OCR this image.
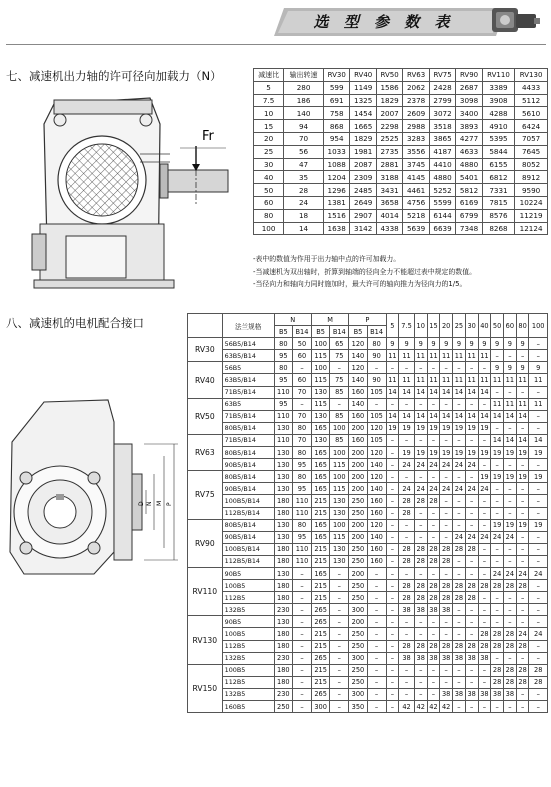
选 型 参 数 表
七、减速机出力轴的许可径向加载力（N）
Fr
减速比	输出转速	RV30	RV40	RV50	RV63	RV75	RV90	RV110	RV130
5	280	599	1149	1586	2062	2428	2687	3389	4433
7.5	186	691	1325	1829	2378	2799	3098	3908	5112
10	140	758	1454	2007	2609	3072	3400	4288	5610
15	94	868	1665	2298	2988	3518	3893	4910	6424
20	70	954	1829	2525	3283	3865	4277	5395	7057
25	56	1033	1981	2735	3556	4187	4633	5844	7645
30	47	1088	2087	2881	3745	4410	4880	6155	8052
40	35	1204	2309	3188	4145	4880	5401	6812	8912
50	28	1296	2485	3431	4461	5252	5812	7331	9590
60	24	1381	2649	3658	4756	5599	6169	7815	10224
80	18	1516	2907	4014	5218	6144	6799	8576	11219
100	14	1638	3142	4338	5639	6639	7348	8268	12124
-表中的数值为作用于出力轴中点的许可加载力。
-当减速机为双出轴时，折算到轴端的径向全力不能超过表中规定的数值。
-当径向力和轴向力同时施加时，最大许可的轴向推力为径向力的1/5。
八、减速机的电机配合接口
D N M P
	法兰规格	N		M		P		5	7.5	10	15	20	25	30	40	50	60	80	100
		B5	B14	B5	B14	B5	B14												
RV30	56B5/B14	80	50	100	65	120	80	9	9	9	9	9	9	9	9	9	9	9	–
	63B5/B14	95	60	115	75	140	90	11	11	11	11	11	11	11	11	–	–	–	–
RV40	56B5	80	–	100	–	120	–	–	–	–	–	–	–	–	–	9	9	9	9
	63B5/B14	95	60	115	75	140	90	11	11	11	11	11	11	11	11	11	11	11	11
	71B5/B14	110	70	130	85	160	105	14	14	14	14	14	14	14	14	–	–	–	–
RV50	63B5	95	–	115	–	140	–	–	–	–	–	–	–	–	–	11	11	11	11
	71B5/B14	110	70	130	85	160	105	14	14	14	14	14	14	14	14	14	14	14	–
	80B5/B14	130	80	165	100	200	120	19	19	19	19	19	19	19	19	–	–	–	–
RV63	71B5/B14	110	70	130	85	160	105	–	–	–	–	–	–	–	–	14	14	14	14
	80B5/B14	130	80	165	100	200	120	–	19	19	19	19	19	19	19	19	19	19	19
	90B5/B14	130	95	165	115	200	140	–	24	24	24	24	24	24	–	–	–	–	–
RV75	80B5/B14	130	80	165	100	200	120	–	–	–	–	–	–	–	19	19	19	19	19
	90B5/B14	130	95	165	115	200	140	–	24	24	24	24	24	24	24	–	–	–	–
	100B5/B14	180	110	215	130	250	160	–	28	28	28	–	–	–	–	–	–	–	–
	112B5/B14	180	110	215	130	250	160	–	28	–	–	–	–	–	–	–	–	–	–
RV90	80B5/B14	130	80	165	100	200	120	–	–	–	–	–	–	–	–	19	19	19	19
	90B5/B14	130	95	165	115	200	140	–	–	–	–	–	24	24	24	24	24	–	–
	100B5/B14	180	110	215	130	250	160	–	28	28	28	28	28	28	–	–	–	–	–
	112B5/B14	180	110	215	130	250	160	–	28	28	28	28	–	–	–	–	–	–	–
RV110	90B5	130	–	165	–	200	–	–	–	–	–	–	–	–	–	24	24	24	24
	100B5	180	–	215	–	250	–	–	28	28	28	28	28	28	28	28	28	28	–
	112B5	180	–	215	–	250	–	–	28	28	28	28	28	28	–	–	–	–	–
	132B5	230	–	265	–	300	–	–	38	38	38	38	–	–	–	–	–	–	–
RV130	90B5	130	–	265	–	200	–	–	–	–	–	–	–	–	–	–	–	–	–
	100B5	180	–	215	–	250	–	–	–	–	–	–	–	–	28	28	28	24	24
	112B5	180	–	215	–	250	–	–	28	28	28	28	28	28	28	28	28	28	–
	132B5	230	–	265	–	300	–	–	38	38	38	38	38	38	38	–	–	–	–
RV150	100B5	180	–	215	–	250	–	–	–	–	–	–	–	–	–	28	28	28	28
	112B5	180	–	215	–	250	–	–	–	–	–	–	–	–	–	28	28	28	28
	132B5	230	–	265	–	300	–	–	–	–	–	38	38	38	38	38	38	–	–
	160B5	250	–	300	–	350	–	–	42	42	42	42	–	–	–	–	–	–	–
